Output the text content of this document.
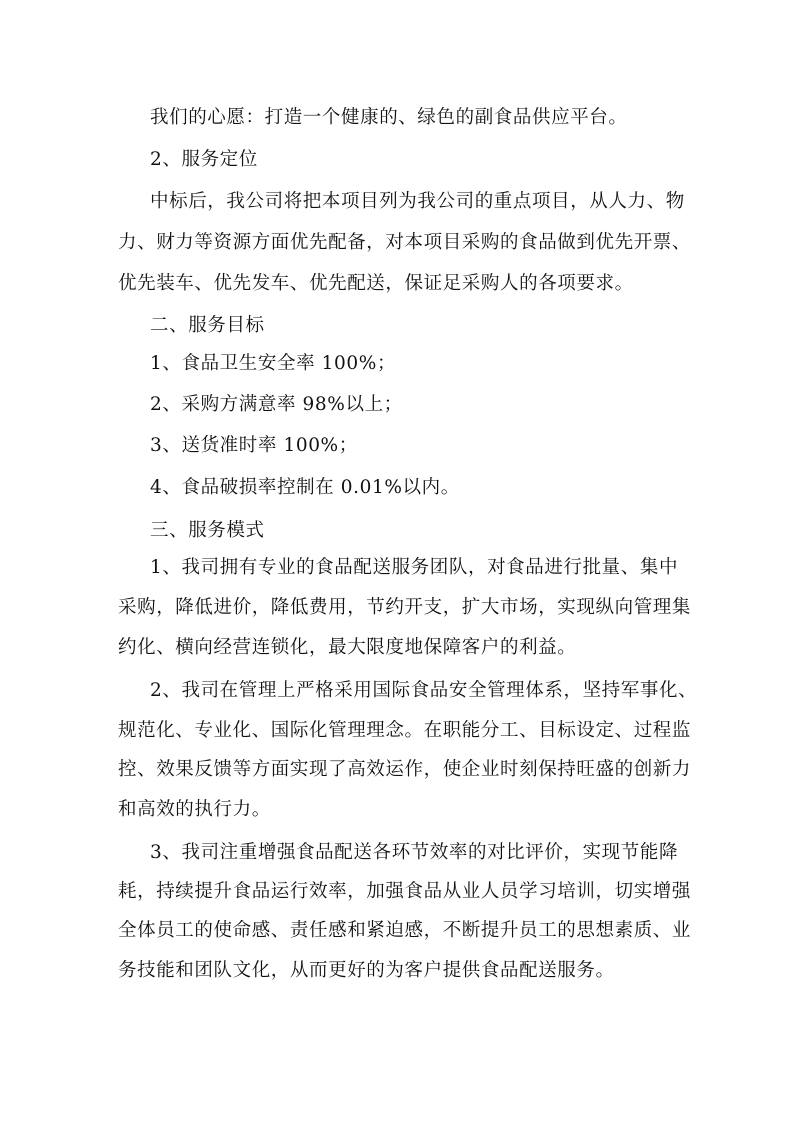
我们的心愿：打造一个健康的、绿色的副食品供应平台。
2、服务定位
中标后，我公司将把本项目列为我公司的重点项目，从人力、物
力、财力等资源方面优先配备，对本项目采购的食品做到优先开票、
优先装车、优先发车、优先配送，保证足采购人的各项要求。
二、服务目标
1、食品卫生安全率 100%；
2、采购方满意率 98%以上；
3、送货准时率 100%；
4、食品破损率控制在 0.01%以内。
三、服务模式
1、我司拥有专业的食品配送服务团队，对食品进行批量、集中
采购，降低进价，降低费用，节约开支，扩大市场，实现纵向管理集
约化、横向经营连锁化，最大限度地保障客户的利益。
2、我司在管理上严格采用国际食品安全管理体系，坚持军事化、
规范化、专业化、国际化管理理念。在职能分工、目标设定、过程监
控、效果反馈等方面实现了高效运作，使企业时刻保持旺盛的创新力
和高效的执行力。
3、我司注重增强食品配送各环节效率的对比评价，实现节能降
耗，持续提升食品运行效率，加强食品从业人员学习培训，切实增强
全体员工的使命感、责任感和紧迫感，不断提升员工的思想素质、业
务技能和团队文化，从而更好的为客户提供食品配送服务。
